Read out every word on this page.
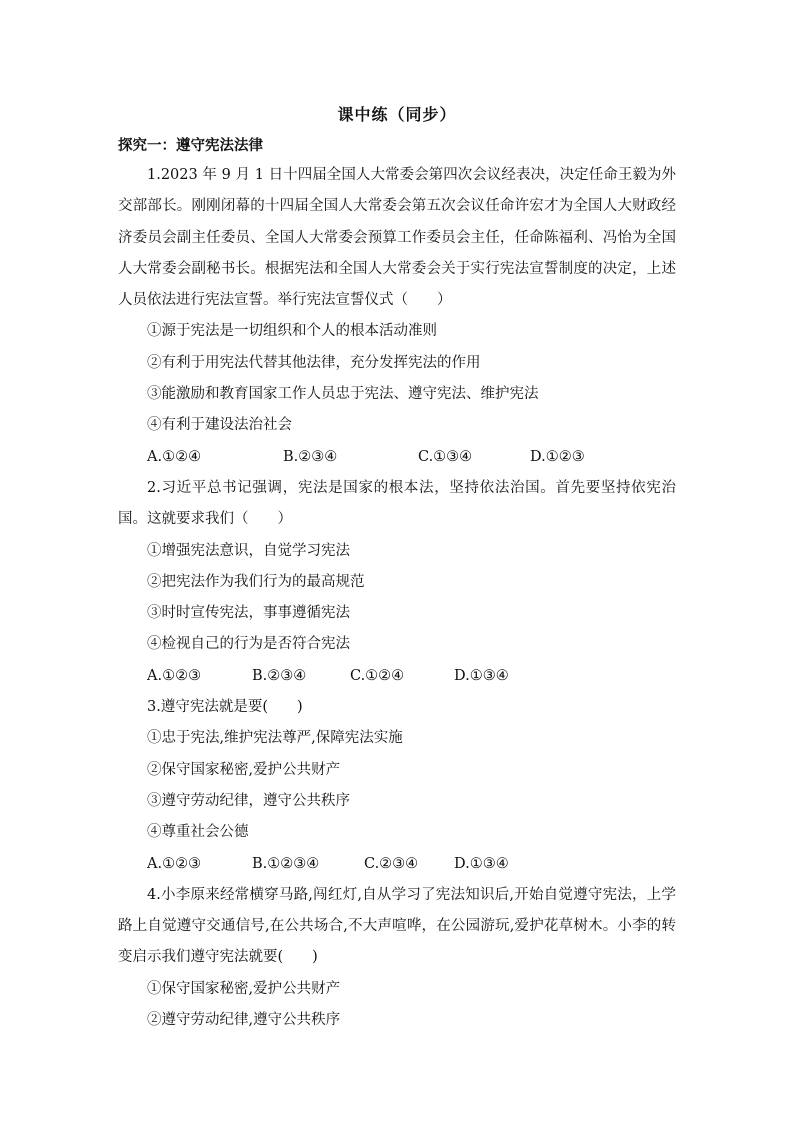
课中练（同步）
探究一：遵守宪法法律

1.2023 年 9 月 1 日十四届全国人大常委会第四次会议经表决，决定任命王毅为外交部部长。刚刚闭幕的十四届全国人大常委会第五次会议任命许宏才为全国人大财政经济委员会副主任委员、全国人大常委会预算工作委员会主任，任命陈福利、冯怡为全国人大常委会副秘书长。根据宪法和全国人大常委会关于实行宪法宣誓制度的决定，上述人员依法进行宪法宣誓。举行宪法宣誓仪式（　　）

①源于宪法是一切组织和个人的根本活动准则

②有利于用宪法代替其他法律，充分发挥宪法的作用

③能激励和教育国家工作人员忠于宪法、遵守宪法、维护宪法

④有利于建设法治社会

A.①②④	B.②③④	C.①③④	D.①②③

2.习近平总书记强调，宪法是国家的根本法，坚持依法治国。首先要坚持依宪治国。这就要求我们（　　）

①增强宪法意识，自觉学习宪法

②把宪法作为我们行为的最高规范

③时时宣传宪法，事事遵循宪法

④检视自己的行为是否符合宪法

A.①②③	B.②③④	C.①②④	D.①③④

3.遵守宪法就是要(　　)

①忠于宪法,维护宪法尊严,保障宪法实施

②保守国家秘密,爱护公共财产

③遵守劳动纪律，遵守公共秩序

④尊重社会公德

A.①②③	B.①②③④	C.②③④	D.①③④

4.小李原来经常横穿马路,闯红灯,自从学习了宪法知识后,开始自觉遵守宪法，上学路上自觉遵守交通信号,在公共场合,不大声喧哗，在公园游玩,爱护花草树木。小李的转变启示我们遵守宪法就要(　　)

①保守国家秘密,爱护公共财产

②遵守劳动纪律,遵守公共秩序
